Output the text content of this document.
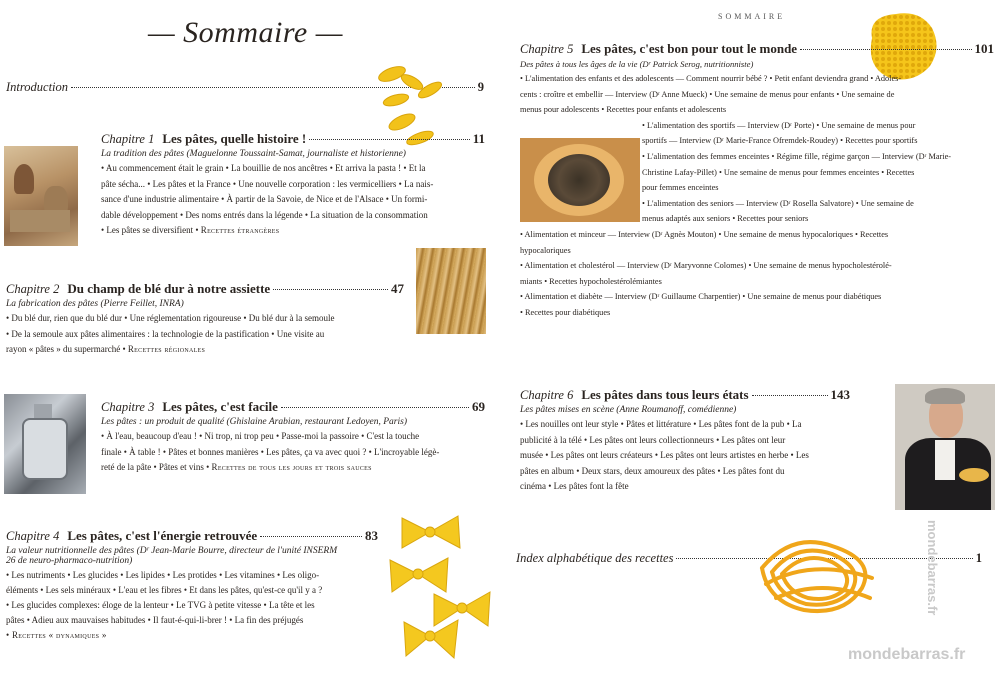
— Sommaire —
Introduction	9
Chapitre 1 Les pâtes, quelle histoire !	11
La tradition des pâtes (Maguelonne Toussaint-Samat, journaliste et historienne)
• Au commencement était le grain • La bouillie de nos ancêtres • Et arriva la pasta ! • Et la
pâte sécha... • Les pâtes et la France • Une nouvelle corporation : les vermicelliers • La nais-
sance d'une industrie alimentaire • À partir de la Savoie, de Nice et de l'Alsace • Un formi-
dable développement • Des noms entrés dans la légende • La situation de la consommation
• Les pâtes se diversifient • Recettes étrangères
Chapitre 2 Du champ de blé dur à notre assiette	47
La fabrication des pâtes (Pierre Feillet, INRA)
• Du blé dur, rien que du blé dur • Une réglementation rigoureuse • Du blé dur à la semoule
• De la semoule aux pâtes alimentaires : la technologie de la pastification • Une visite au
rayon « pâtes » du supermarché • Recettes régionales
Chapitre 3 Les pâtes, c'est facile	69
Les pâtes : un produit de qualité (Ghislaine Arabian, restaurant Ledoyen, Paris)
• À l'eau, beaucoup d'eau ! • Ni trop, ni trop peu • Passe-moi la passoire • C'est la touche
finale • À table ! • Pâtes et bonnes manières • Les pâtes, ça va avec quoi ? • L'incroyable légè-
reté de la pâte • Pâtes et vins • Recettes de tous les jours et trois sauces
Chapitre 4 Les pâtes, c'est l'énergie retrouvée	83
La valeur nutritionnelle des pâtes (Dʳ Jean-Marie Bourre, directeur de l'unité INSERM
26 de neuro-pharmaco-nutrition)
• Les nutriments • Les glucides • Les lipides • Les protides • Les vitamines • Les oligo-
éléments • Les sels minéraux • L'eau et les fibres • Et dans les pâtes, qu'est-ce qu'il y a ?
• Les glucides complexes: éloge de la lenteur • Le TVG à petite vitesse • La tête et les
pâtes • Adieu aux mauvaises habitudes • Il faut-é-qui-li-brer ! • La fin des préjugés
• Recettes « dynamiques »
SOMMAIRE
Chapitre 5 Les pâtes, c'est bon pour tout le monde	101
Des pâtes à tous les âges de la vie (Dʳ Patrick Serog, nutritionniste)
• L'alimentation des enfants et des adolescents — Comment nourrir bébé ? • Petit enfant deviendra grand • Adoles-
cents : croître et embellir — Interview (Dʳ Anne Mueck) • Une semaine de menus pour enfants • Une semaine de
menus pour adolescents • Recettes pour enfants et adolescents
• L'alimentation des sportifs — Interview (Dʳ Porte) • Une semaine de menus pour
sportifs — Interview (Dʳ Marie-France Ofremdek-Roudey) • Recettes pour sportifs
• L'alimentation des femmes enceintes • Régime fille, régime garçon — Interview (Dʳ Marie-
Christine Lafay-Pillet) • Une semaine de menus pour femmes enceintes • Recettes
pour femmes enceintes
• L'alimentation des seniors — Interview (Dʳ Rosella Salvatore) • Une semaine de
menus adaptés aux seniors • Recettes pour seniors
• Alimentation et minceur — Interview (Dʳ Agnès Mouton) • Une semaine de menus hypocaloriques • Recettes
hypocaloriques
• Alimentation et cholestérol — Interview (Dʳ Maryvonne Colomes) • Une semaine de menus hypocholestérolé-
miants • Recettes hypocholestérolémiantes
• Alimentation et diabète — Interview (Dʳ Guillaume Charpentier) • Une semaine de menus pour diabétiques
• Recettes pour diabétiques
Chapitre 6 Les pâtes dans tous leurs états	143
Les pâtes mises en scène (Anne Roumanoff, comédienne)
• Les nouilles ont leur style • Pâtes et littérature • Les pâtes font de la pub • La
publicité à la télé • Les pâtes ont leurs collectionneurs • Les pâtes ont leur
musée • Les pâtes ont leurs créateurs • Les pâtes ont leurs artistes en herbe • Les
pâtes en album • Deux stars, deux amoureux des pâtes • Les pâtes font du
cinéma • Les pâtes font la fête
Index alphabétique des recettes	1
mondebarras.fr
mondebarras.fr
